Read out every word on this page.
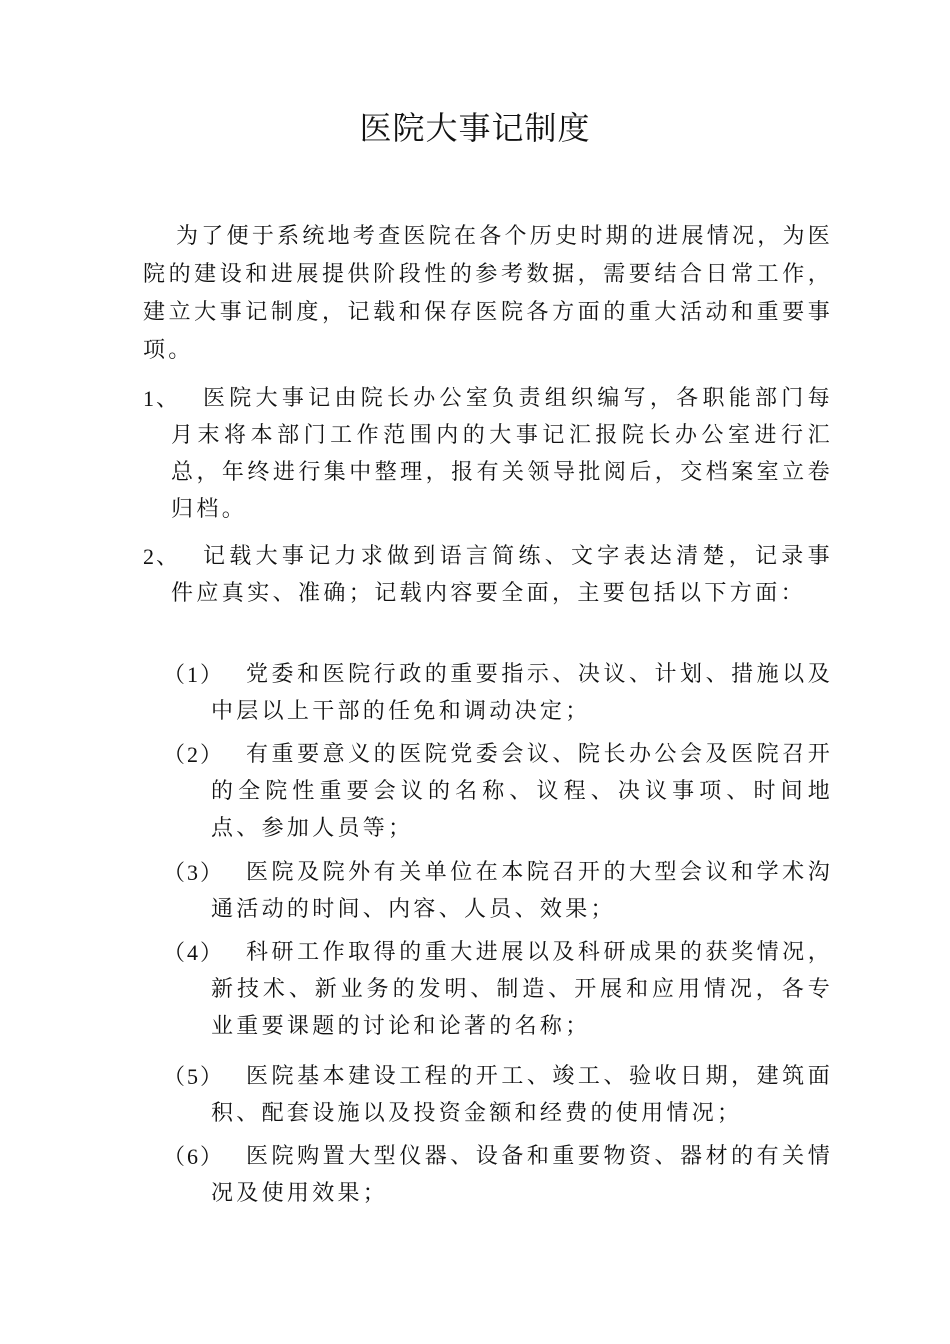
医院大事记制度
为了便于系统地考查医院在各个历史时期的进展情况，为医院的建设和进展提供阶段性的参考数据，需要结合日常工作，建立大事记制度，记载和保存医院各方面的重大活动和重要事项。
1、	医院大事记由院长办公室负责组织编写，各职能部门每月末将本部门工作范围内的大事记汇报院长办公室进行汇总，年终进行集中整理，报有关领导批阅后，交档案室立卷归档。
2、	记载大事记力求做到语言简练、文字表达清楚，记录事件应真实、准确；记载内容要全面，主要包括以下方面：
（1） 党委和医院行政的重要指示、决议、计划、措施以及中层以上干部的任免和调动决定；
（2） 有重要意义的医院党委会议、院长办公会及医院召开的全院性重要会议的名称、议程、决议事项、时间地点、参加人员等；
（3） 医院及院外有关单位在本院召开的大型会议和学术沟通活动的时间、内容、人员、效果；
（4） 科研工作取得的重大进展以及科研成果的获奖情况，新技术、新业务的发明、制造、开展和应用情况，各专业重要课题的讨论和论著的名称；
（5） 医院基本建设工程的开工、竣工、验收日期，建筑面积、配套设施以及投资金额和经费的使用情况；
（6） 医院购置大型仪器、设备和重要物资、器材的有关情况及使用效果；
